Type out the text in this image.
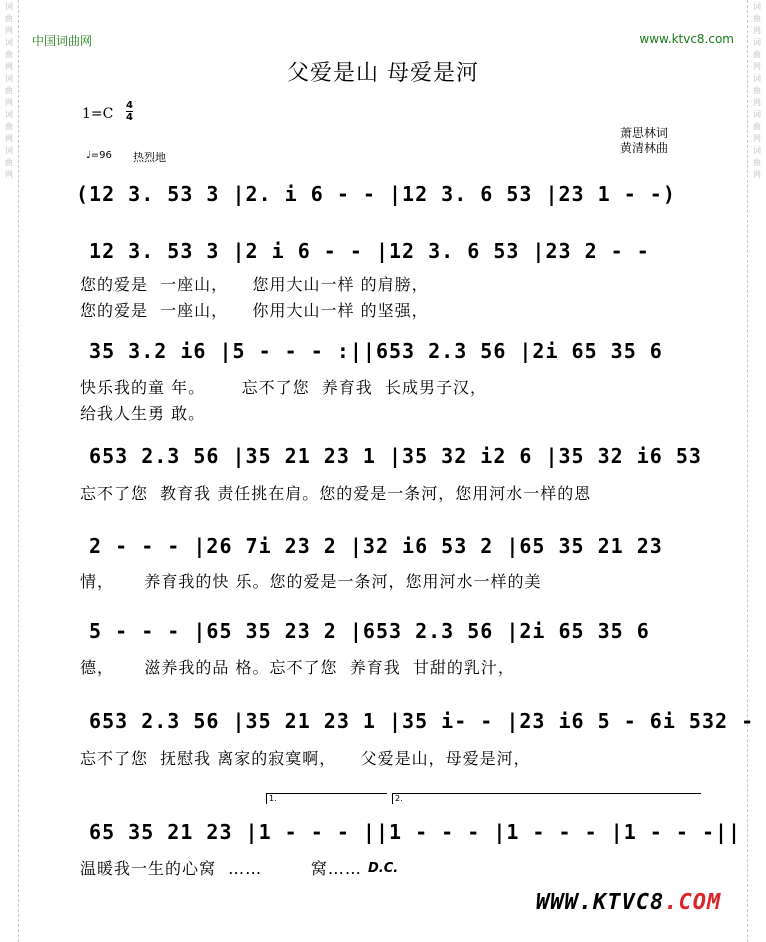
词
曲
网
词
曲
网
词
曲
网
词
曲
网
词
曲
网
词
曲
网
词
曲
网
词
曲
网
词
曲
网
词
曲
网
中国词曲网	www.ktvc8.com
父爱是山 母爱是河
1=C
4
4
萧思林词
黄清林曲
♩=96 热烈地
(12 3. 53 3 |2. i 6 - - |12 3. 6 53 |23 1 - -)
12 3. 53 3 |2 i 6 - - |12 3. 6 53 |23 2 - -
您的爱是  一座山，    您用大山一样 的肩膀，
您的爱是  一座山，    你用大山一样 的坚强，
35 3.2 i6 |5 - - - :||653 2.3 56 |2i 65 35 6
快乐我的童 年。      忘不了您  养育我  长成男子汉，
给我人生勇 敢。
653 2.3 56 |35 21 23 1 |35 32 i2 6 |35 32 i6 53
忘不了您  教育我 责任挑在肩。您的爱是一条河，您用河水一样的恩
2 - - - |26 7i 23 2 |32 i6 53 2 |65 35 21 23
情，     养育我的快 乐。您的爱是一条河，您用河水一样的美
5 - - - |65 35 23 2 |653 2.3 56 |2i 65 35 6
德，     滋养我的品 格。忘不了您  养育我  甘甜的乳汁，
653 2.3 56 |35 21 23 1 |35 i- - |23 i6 5 - 6i 532 -
忘不了您  抚慰我 离家的寂寞啊，    父爱是山，母爱是河，
1.	2.
65 35 21 23 |1 - - - ||1 - - - |1 - - - |1 - - -||
温暖我一生的心窝  ……        窝…… D.C.
WWW.KTVC8.COM
